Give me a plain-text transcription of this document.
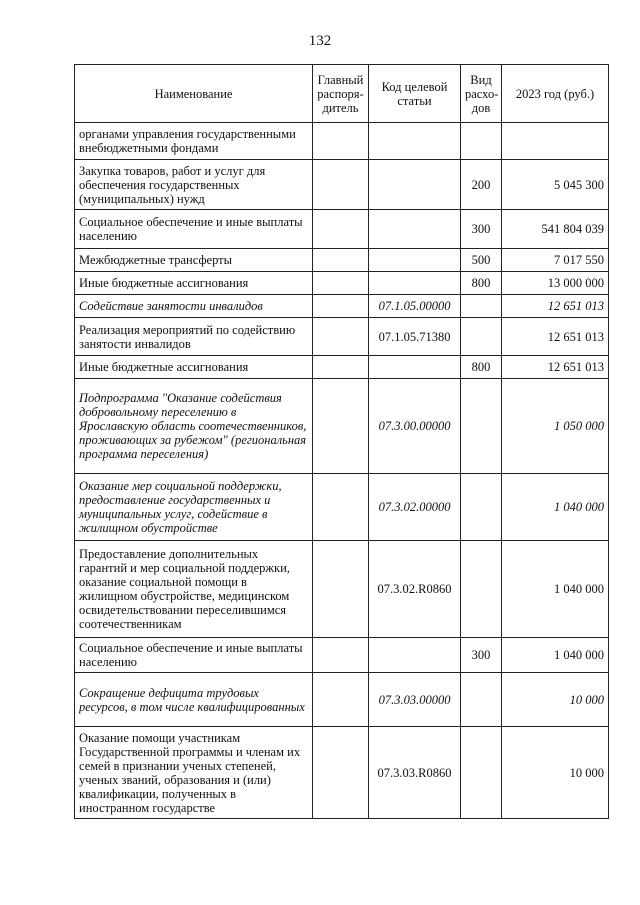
132
Наименование	Главный распоря-дитель	Код целевой статьи	Вид расхо-дов	2023 год (руб.)
органами управления государственными внебюджетными фондами				
Закупка товаров, работ и услуг для обеспечения государственных (муниципальных) нужд			200	5 045 300
Социальное обеспечение и иные выплаты населению			300	541 804 039
Межбюджетные трансферты			500	7 017 550
Иные бюджетные ассигнования			800	13 000 000
Содействие занятости инвалидов		07.1.05.00000		12 651 013
Реализация мероприятий по содействию занятости инвалидов		07.1.05.71380		12 651 013
Иные бюджетные ассигнования			800	12 651 013
Подпрограмма "Оказание содействия добровольному переселению в Ярославскую область соотечественников, проживающих за рубежом" (региональная программа переселения)		07.3.00.00000		1 050 000
Оказание мер социальной поддержки, предоставление государственных и муниципальных услуг, содействие в жилищном обустройстве		07.3.02.00000		1 040 000
Предоставление дополнительных гарантий и мер социальной поддержки, оказание социальной помощи в жилищном обустройстве, медицинском освидетельствовании переселившимся соотечественникам		07.3.02.R0860		1 040 000
Социальное обеспечение и иные выплаты населению			300	1 040 000
Сокращение дефицита трудовых ресурсов, в том числе квалифицированных		07.3.03.00000		10 000
Оказание помощи участникам Государственной программы и членам их семей в признании ученых степеней, ученых званий, образования и (или) квалификации, полученных в иностранном государстве		07.3.03.R0860		10 000
